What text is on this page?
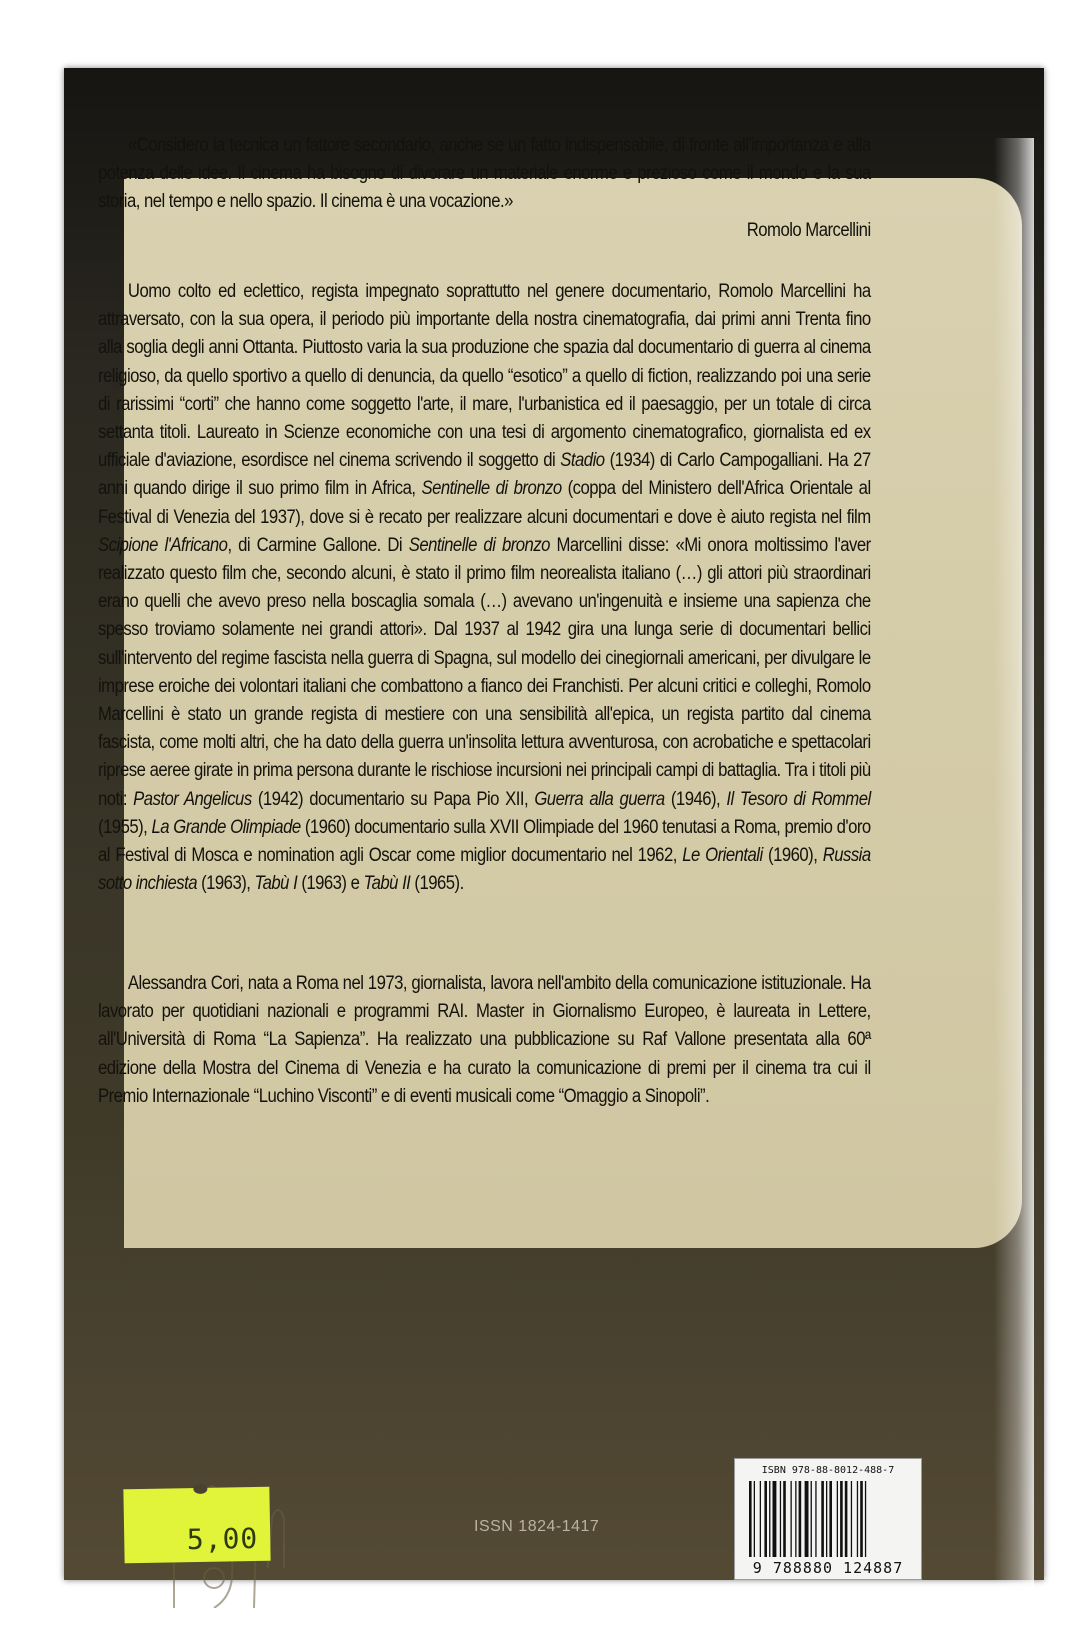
«Considero la tecnica un fattore secondario, anche se un fatto indispensabile, di fronte all'importanza e alla potenza delle idee. Il cinema ha bisogno di divorare un materiale enorme e prezioso come il mondo e la sua storia, nel tempo e nello spazio. Il cinema è una vocazione.»

Romolo Marcellini

Uomo colto ed eclettico, regista impegnato soprattutto nel genere documentario, Romolo Marcellini ha attraversato, con la sua opera, il periodo più importante della nostra cinematografia, dai primi anni Trenta fino alla soglia degli anni Ottanta. Piuttosto varia la sua produzione che spazia dal documentario di guerra al cinema religioso, da quello sportivo a quello di denuncia, da quello “esotico” a quello di fiction, realizzando poi una serie di rarissimi “corti” che hanno come soggetto l'arte, il mare, l'urbanistica ed il paesaggio, per un totale di circa settanta titoli. Laureato in Scienze economiche con una tesi di argomento cinematografico, giornalista ed ex ufficiale d'aviazione, esordisce nel cinema scrivendo il soggetto di Stadio (1934) di Carlo Campogalliani. Ha 27 anni quando dirige il suo primo film in Africa, Sentinelle di bronzo (coppa del Ministero dell'Africa Orientale al Festival di Venezia del 1937), dove si è recato per realizzare alcuni documentari e dove è aiuto regista nel film Scipione l'Africano, di Carmine Gallone. Di Sentinelle di bronzo Marcellini disse: «Mi onora moltissimo l'aver realizzato questo film che, secondo alcuni, è stato il primo film neorealista italiano (…) gli attori più straordinari erano quelli che avevo preso nella boscaglia somala (…) avevano un'ingenuità e insieme una sapienza che spesso troviamo solamente nei grandi attori». Dal 1937 al 1942 gira una lunga serie di documentari bellici sull'intervento del regime fascista nella guerra di Spagna, sul modello dei cinegiornali americani, per divulgare le imprese eroiche dei volontari italiani che combattono a fianco dei Franchisti. Per alcuni critici e colleghi, Romolo Marcellini è stato un grande regista di mestiere con una sensibilità all'epica, un regista partito dal cinema fascista, come molti altri, che ha dato della guerra un'insolita lettura avventurosa, con acrobatiche e spettacolari riprese aeree girate in prima persona durante le rischiose incursioni nei principali campi di battaglia. Tra i titoli più noti: Pastor Angelicus (1942) documentario su Papa Pio XII, Guerra alla guerra (1946), Il Tesoro di Rommel (1955), La Grande Olimpiade (1960) documentario sulla XVII Olimpiade del 1960 tenutasi a Roma, premio d'oro al Festival di Mosca e nomination agli Oscar come miglior documentario nel 1962, Le Orientali (1960), Russia sotto inchiesta (1963), Tabù I (1963) e Tabù II (1965).

Alessandra Cori, nata a Roma nel 1973, giornalista, lavora nell'ambito della comunicazione istituzionale. Ha lavorato per quotidiani nazionali e programmi RAI. Master in Giornalismo Europeo, è laureata in Lettere, all'Università di Roma “La Sapienza”. Ha realizzato una pubblicazione su Raf Vallone presentata alla 60ª edizione della Mostra del Cinema di Venezia e ha curato la comunicazione di premi per il cinema tra cui il Premio Internazionale “Luchino Visconti” e di eventi musicali come “Omaggio a Sinopoli”.

ISSN 1824-1417
5,00
ISBN 978-88-8012-488-7
9 788880 124887
